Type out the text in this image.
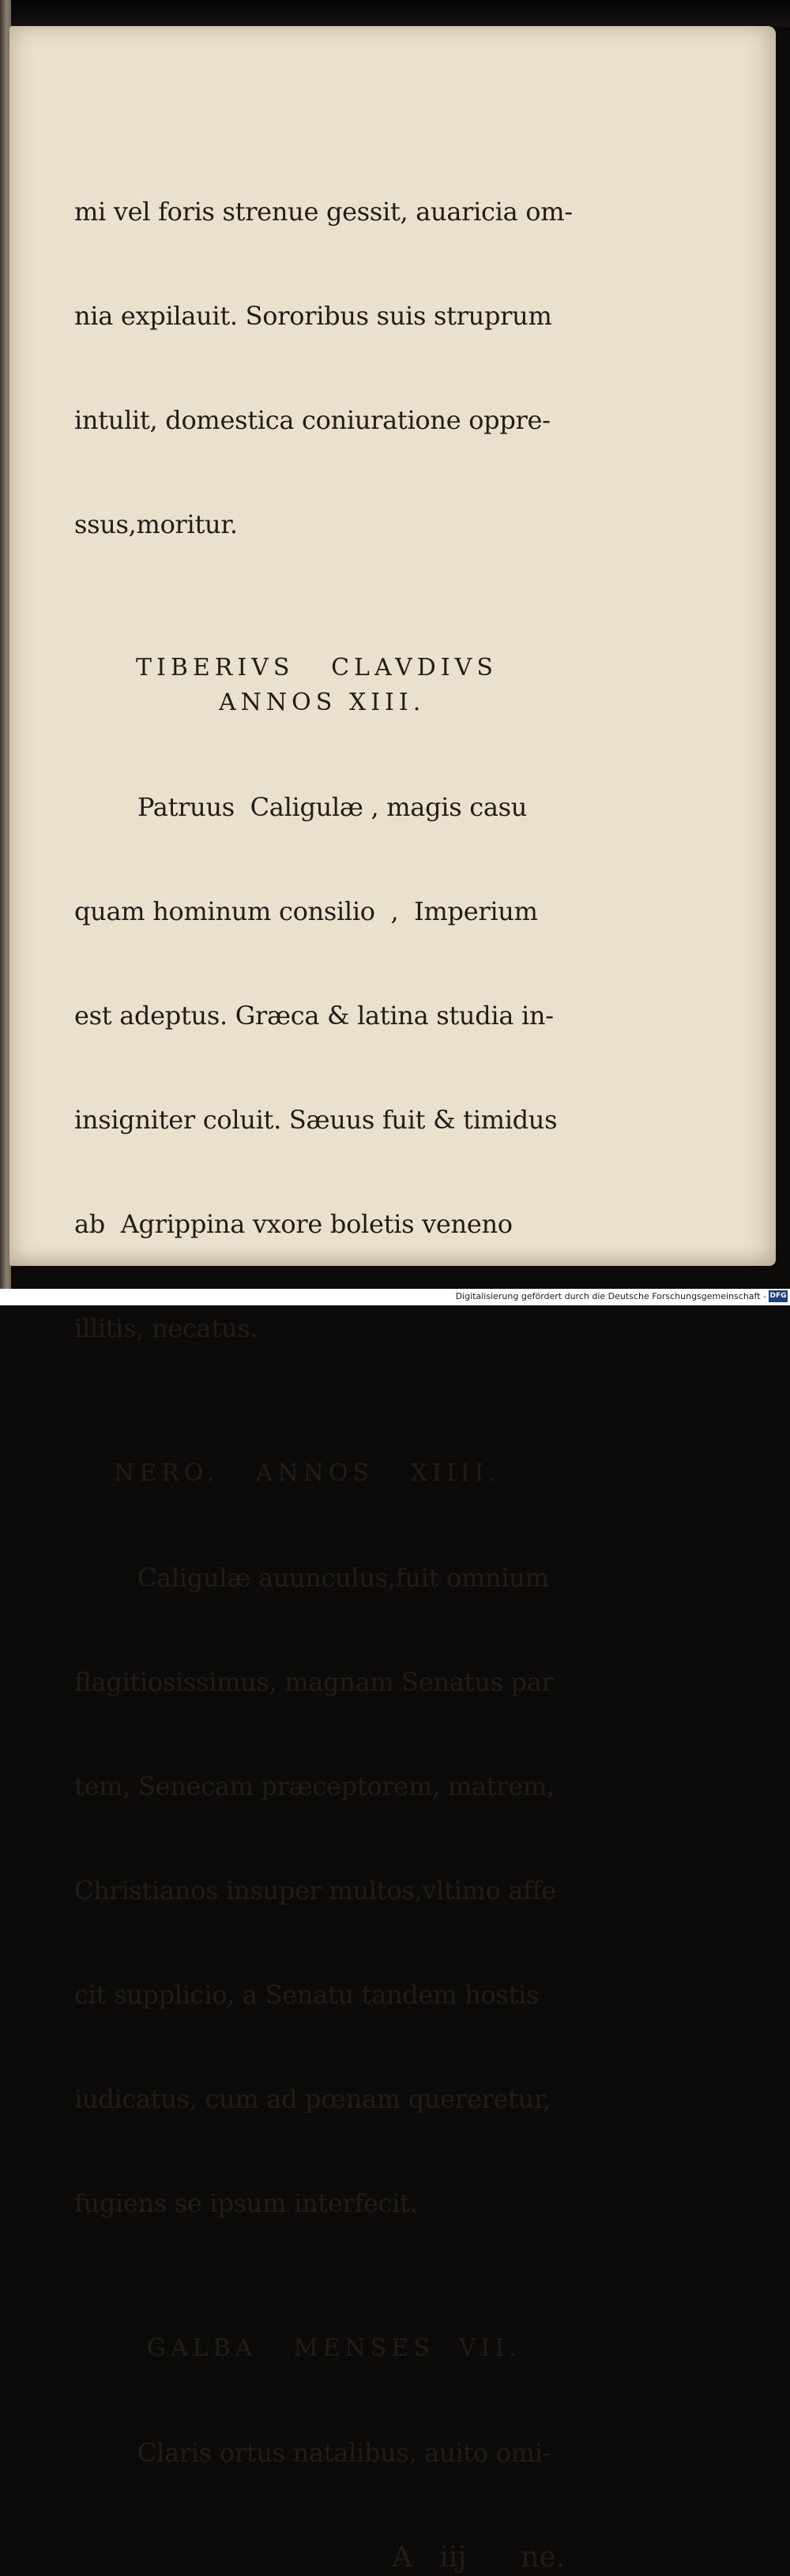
mi vel foris strenue gessit, auaricia om-

nia expilauit. Sororibus suis struprum

intulit, domestica coniuratione oppre-

ssus,moritur.

TIBERIVS   CLAVDIVS

ANNOS XIII.

Patruus  Caligulæ , magis casu

quam hominum consilio  ,  Imperium

est adeptus. Græca & latina studia in-

insigniter coluit. Sæuus fuit & timidus

ab  Agrippina vxore boletis veneno

illitis, necatus.

NERO.   ANNOS   XIIII.

Caligulæ auunculus,fuit omnium

flagitiosissimus, magnam Senatus par

tem, Senecam præceptorem, matrem,

Christianos insuper multos,vltimo affe

cit supplicio, a Senatu tandem hostis

iudicatus, cum ad pœnam quereretur,

fugiens se ipsum interfecit.

GALBA   MENSES  VII.

Claris ortus natalibus, auito omi-

A   iij      ne.

Digitalisierung gefördert durch die Deutsche Forschungsgemeinschaft - DFG
